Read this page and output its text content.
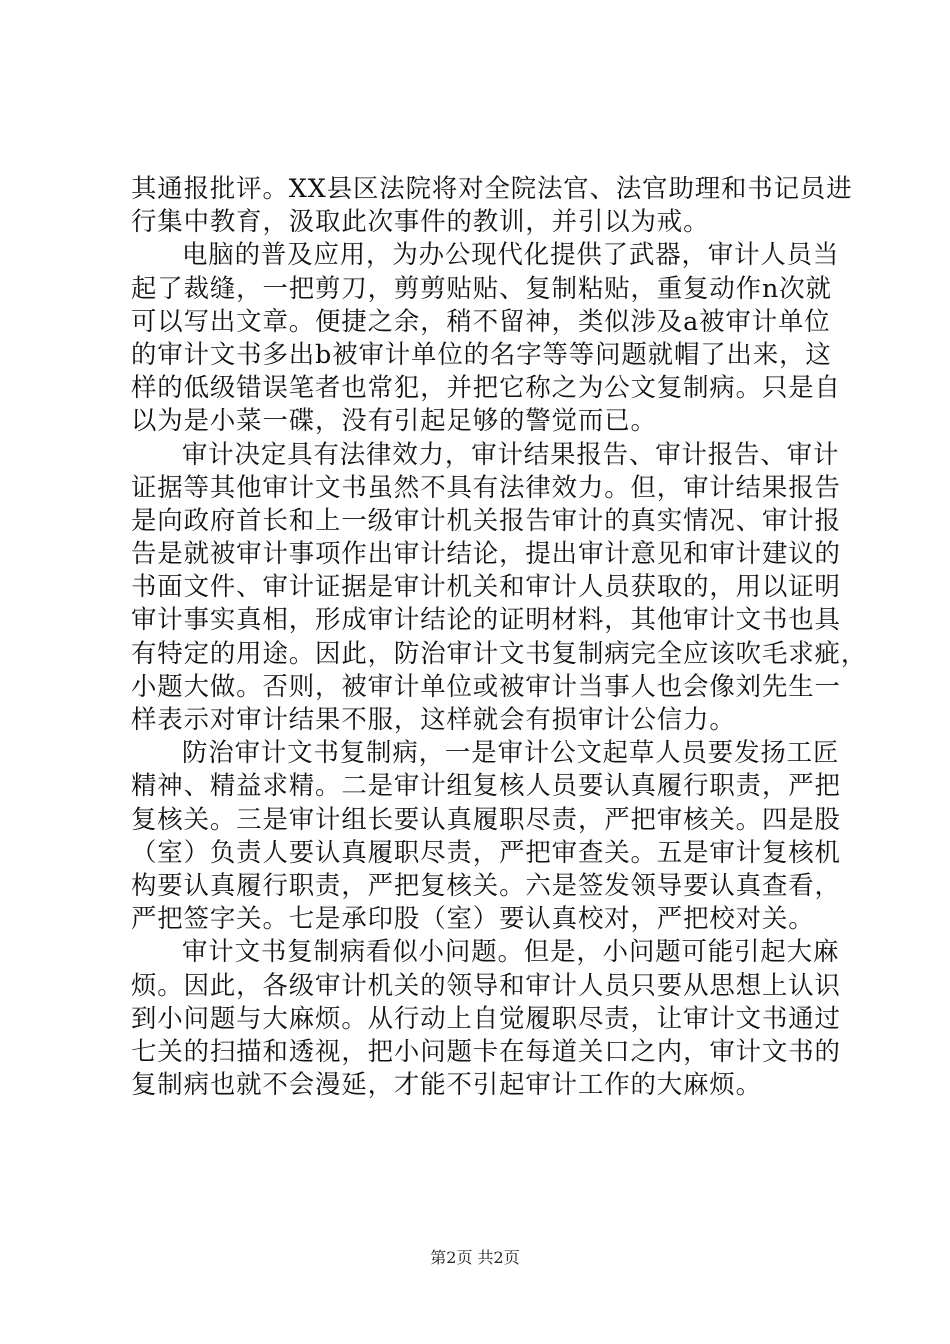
其通报批评。XX县区法院将对全院法官、法官助理和书记员进
行集中教育，汲取此次事件的教训，并引以为戒。
电脑的普及应用，为办公现代化提供了武器，审计人员当
起了裁缝，一把剪刀，剪剪贴贴、复制粘贴，重复动作n次就
可以写出文章。便捷之余，稍不留神，类似涉及a被审计单位
的审计文书多出b被审计单位的名字等等问题就帽了出来，这
样的低级错误笔者也常犯，并把它称之为公文复制病。只是自
以为是小菜一碟，没有引起足够的警觉而已。
审计决定具有法律效力，审计结果报告、审计报告、审计
证据等其他审计文书虽然不具有法律效力。但，审计结果报告
是向政府首长和上一级审计机关报告审计的真实情况、审计报
告是就被审计事项作出审计结论，提出审计意见和审计建议的
书面文件、审计证据是审计机关和审计人员获取的，用以证明
审计事实真相，形成审计结论的证明材料，其他审计文书也具
有特定的用途。因此，防治审计文书复制病完全应该吹毛求疵，
小题大做。否则，被审计单位或被审计当事人也会像刘先生一
样表示对审计结果不服，这样就会有损审计公信力。
防治审计文书复制病，一是审计公文起草人员要发扬工匠
精神、精益求精。二是审计组复核人员要认真履行职责，严把
复核关。三是审计组长要认真履职尽责，严把审核关。四是股
（室）负责人要认真履职尽责，严把审查关。五是审计复核机
构要认真履行职责，严把复核关。六是签发领导要认真查看，
严把签字关。七是承印股（室）要认真校对，严把校对关。
审计文书复制病看似小问题。但是，小问题可能引起大麻
烦。因此，各级审计机关的领导和审计人员只要从思想上认识
到小问题与大麻烦。从行动上自觉履职尽责，让审计文书通过
七关的扫描和透视，把小问题卡在每道关口之内，审计文书的
复制病也就不会漫延，才能不引起审计工作的大麻烦。
第2页 共2页
